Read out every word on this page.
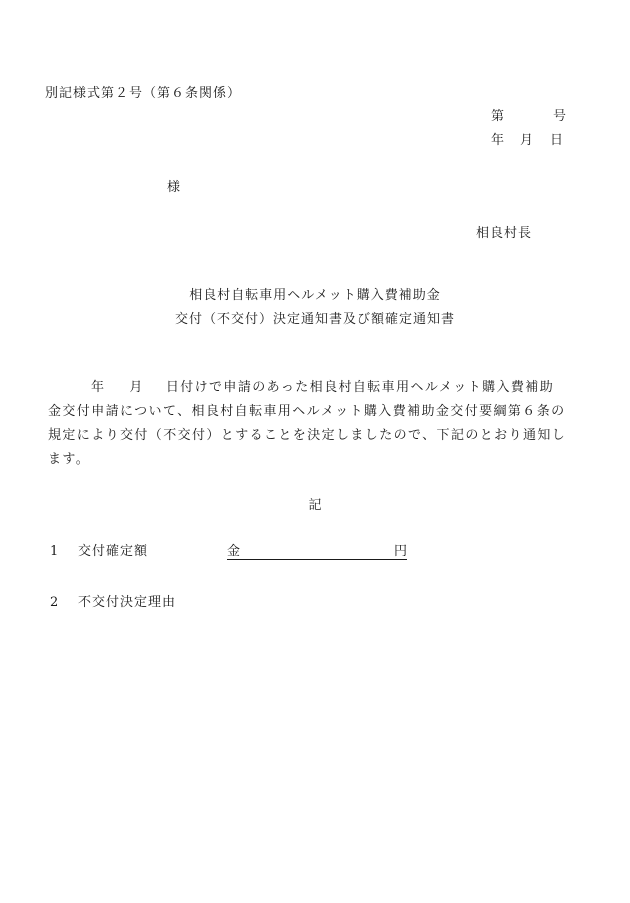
別記様式第２号（第６条関係）
第	号
年 月 日
様
相良村長
相良村自転車用ヘルメット購入費補助金
交付（不交付）決定通知書及び額確定通知書
年 月 日付けで申請のあった相良村自転車用ヘルメット購入費補助
金交付申請について、相良村自転車用ヘルメット購入費補助金交付要綱第６条の
規定により交付（不交付）とすることを決定しましたので、下記のとおり通知し
ます。
記
1 交付確定額	金	円
2 不交付決定理由
